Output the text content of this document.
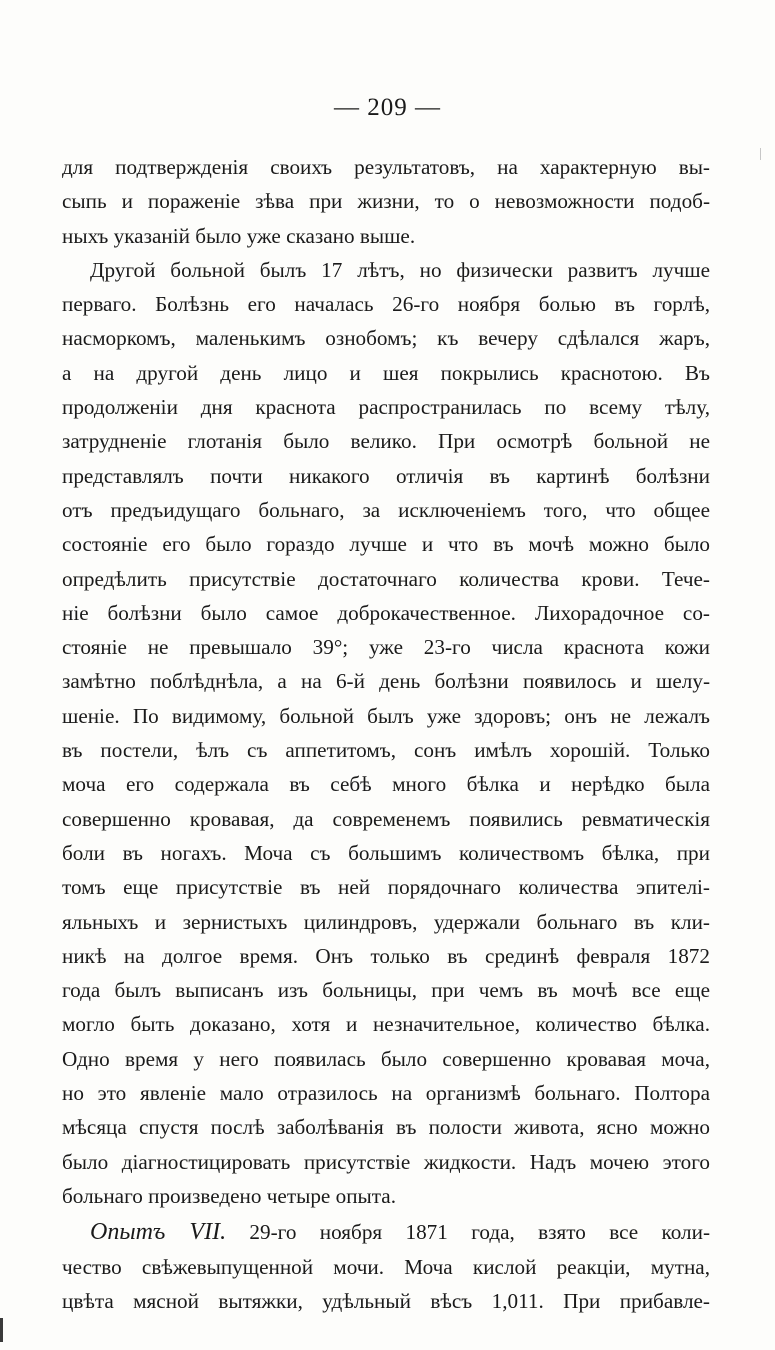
— 209 —
для подтвержденія своихъ результатовъ, на характерную вы-
сыпь и пораженіе зѣва при жизни, то о невозможности подоб-
ныхъ указаній было уже сказано выше.
Другой больной былъ 17 лѣтъ, но физически развитъ лучше
перваго. Болѣзнь его началась 26-го ноября болью въ горлѣ,
насморкомъ, маленькимъ ознобомъ; къ вечеру сдѣлался жаръ,
а на другой день лицо и шея покрылись краснотою. Въ
продолженіи дня краснота распространилась по всему тѣлу,
затрудненіе глотанія было велико. При осмотрѣ больной не
представлялъ почти никакого отличія въ картинѣ болѣзни
отъ предъидущаго больнаго, за исключеніемъ того, что общее
состояніе его было гораздо лучше и что въ мочѣ можно было
опредѣлить присутствіе достаточнаго количества крови. Тече-
ніе болѣзни было самое доброкачественное. Лихорадочное со-
стояніе не превышало 39°; уже 23-го числа краснота кожи
замѣтно поблѣднѣла, а на 6-й день болѣзни появилось и шелу-
шеніе. По видимому, больной былъ уже здоровъ; онъ не лежалъ
въ постели, ѣлъ съ аппетитомъ, сонъ имѣлъ хорошій. Только
моча его содержала въ себѣ много бѣлка и нерѣдко была
совершенно кровавая, да современемъ появились ревматическія
боли въ ногахъ. Моча съ большимъ количествомъ бѣлка, при
томъ еще присутствіе въ ней порядочнаго количества эпителі-
яльныхъ и зернистыхъ цилиндровъ, удержали больнаго въ кли-
никѣ на долгое время. Онъ только въ срединѣ февраля 1872
года былъ выписанъ изъ больницы, при чемъ въ мочѣ все еще
могло быть доказано, хотя и незначительное, количество бѣлка.
Одно время у него появилась было совершенно кровавая моча,
но это явленіе мало отразилось на организмѣ больнаго. Полтора
мѣсяца спустя послѣ заболѣванія въ полости живота, ясно можно
было діагностицировать присутствіе жидкости. Надъ мочею этого
больнаго произведено четыре опыта.
Опытъ VII. 29-го ноября 1871 года, взято все коли-
чество свѣжевыпущенной мочи. Моча кислой реакціи, мутна,
цвѣта мясной вытяжки, удѣльный вѣсъ 1,011. При прибавле-
